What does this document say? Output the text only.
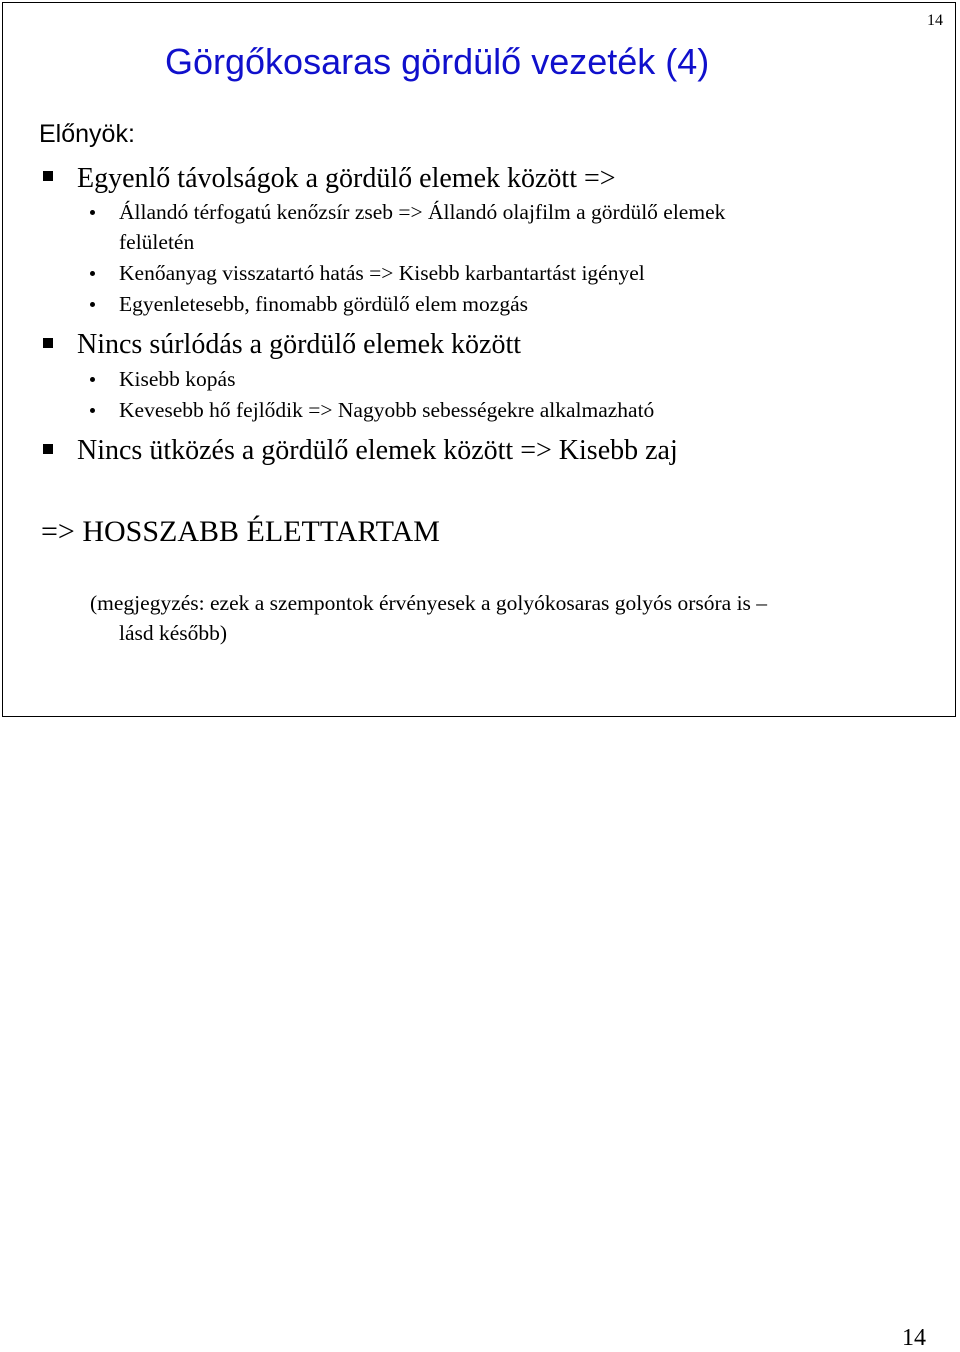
14
Görgőkosaras gördülő vezeték (4)
Előnyök:
Egyenlő távolságok a gördülő elemek között =>
Állandó térfogatú kenőzsír zseb => Állandó olajfilm a gördülő elemek
felületén
Kenőanyag visszatartó hatás => Kisebb karbantartást igényel
Egyenletesebb, finomabb gördülő elem mozgás
Nincs súrlódás a gördülő elemek között
Kisebb kopás
Kevesebb hő fejlődik => Nagyobb sebességekre alkalmazható
Nincs ütközés a gördülő elemek között => Kisebb zaj
=> HOSSZABB ÉLETTARTAM
(megjegyzés: ezek a szempontok érvényesek a golyókosaras golyós orsóra is –
lásd később)
14
